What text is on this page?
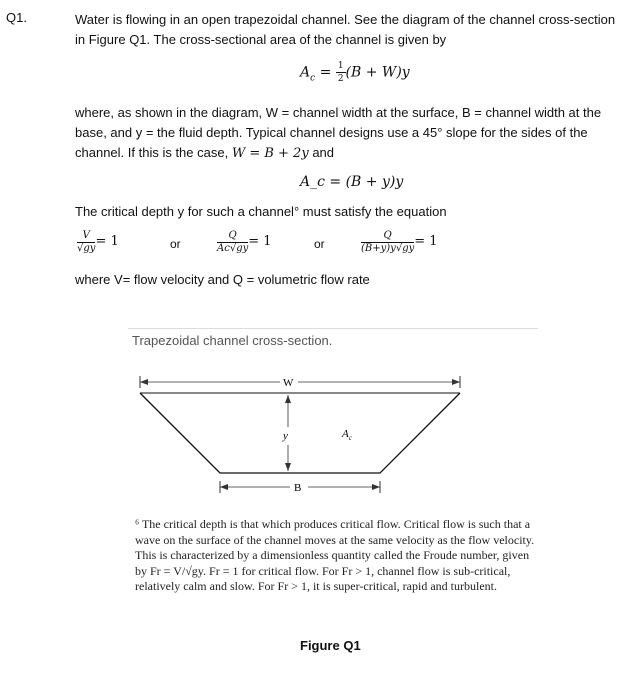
Q1.	Water is flowing in an open trapezoidal channel. See the diagram of the channel cross-section in Figure Q1. The cross-sectional area of the channel is given by
$A_c = \frac{1}{2} (B + W)y$
where, as shown in the diagram, W = channel width at the surface, B = channel width at the base, and y = the fluid depth. Typical channel designs use a 45° slope for the sides of the channel. If this is the case, W = B + 2y and
A_c = (B + y)y
The critical depth y for such a channel° must satisfy the equation
$\frac{V}{√gy} = 1$	or	$\frac{Q}{Ac√gy} = 1$	or	$\frac{Q}{(B+y)y√gy} = 1$
where V= flow velocity and Q = volumetric flow rate
Trapezoidal channel cross-section.
W
y	$A_c$
B
⁶ The critical depth is that which produces critical flow. Critical flow is such that a wave on the surface of the channel moves at the same velocity as the flow velocity. This is characterized by a dimensionless quantity called the Froude number, given by Fr = V/√gy. Fr = 1 for critical flow. For Fr > 1, channel flow is sub-critical, relatively calm and slow. For Fr > 1, it is super-critical, rapid and turbulent.
Figure Q1
